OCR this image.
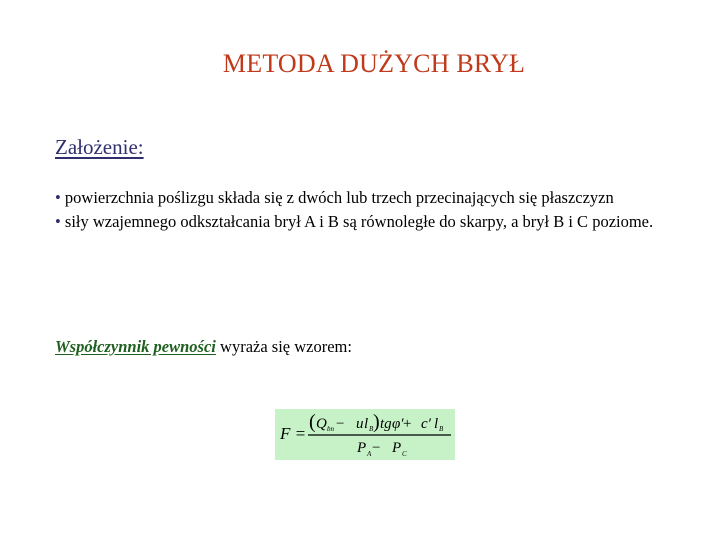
METODA DUŻYCH BRYŁ
Założenie:
• powierzchnia poślizgu składa się z dwóch lub trzech przecinających się płaszczyzn
• siły wzajemnego odkształcania brył A i B są równoległe do skarpy, a brył B i C poziome.
Współczynnik pewności wyraża się wzorem:
F =
( Q bn − u l B ) tg φ′ + c′ l B
P A − P C
